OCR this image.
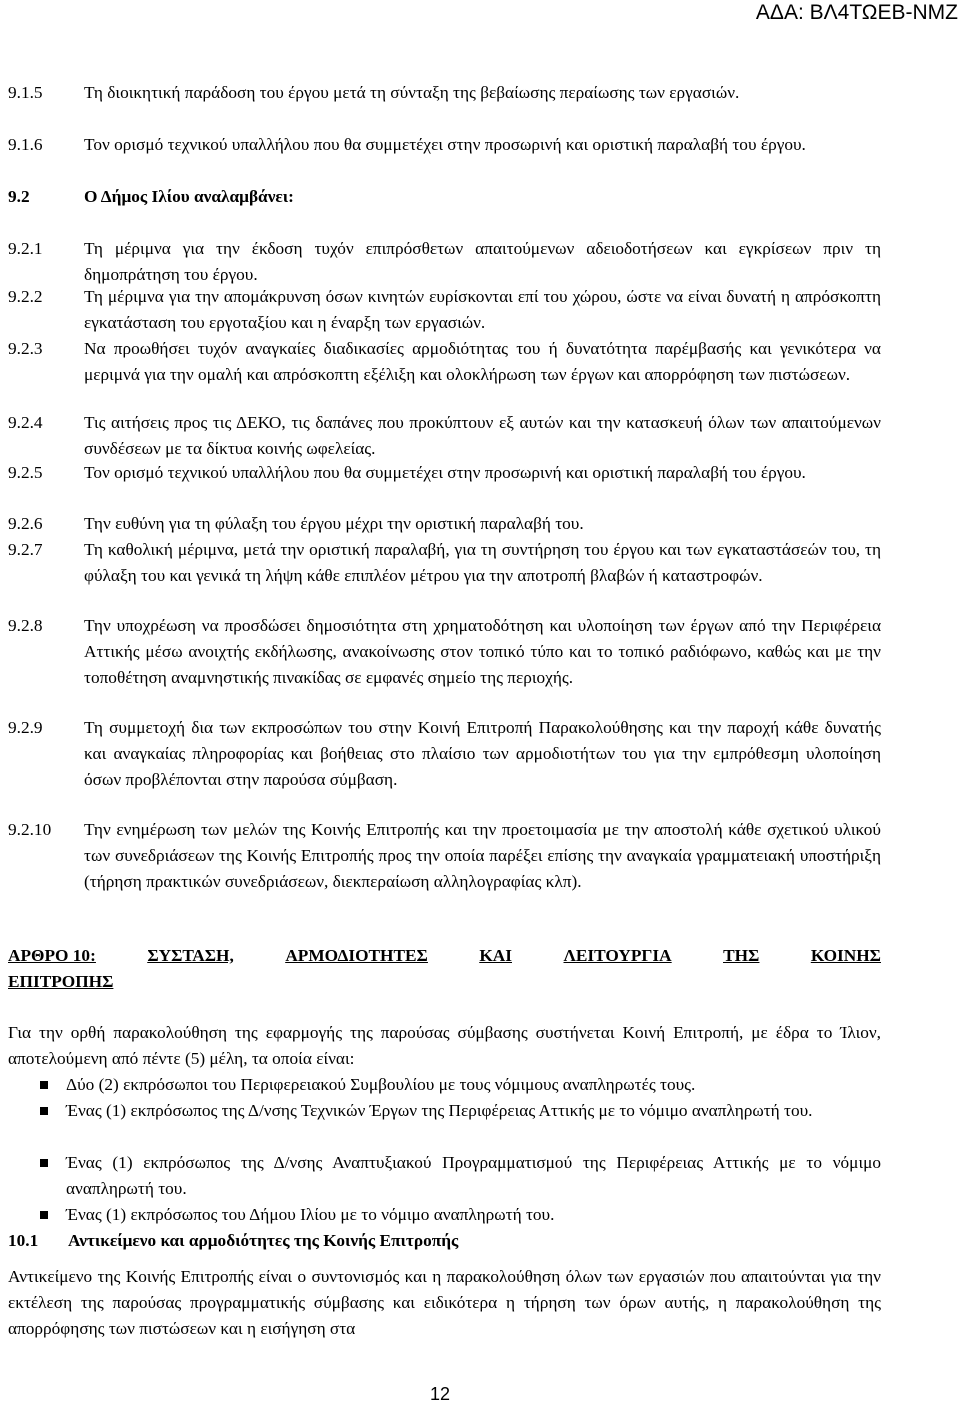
ΑΔΑ: ΒΛ4ΤΩΕΒ-ΝΜΖ
9.1.5 Τη διοικητική παράδοση του έργου μετά τη σύνταξη της βεβαίωσης περαίωσης των εργασιών.
9.1.6 Τον ορισμό τεχνικού υπαλλήλου που θα συμμετέχει στην προσωρινή και οριστική παραλαβή του έργου.
9.2	Ο Δήμος Ιλίου αναλαμβάνει:
9.2.1 Τη μέριμνα για την έκδοση τυχόν επιπρόσθετων απαιτούμενων αδειοδοτήσεων και εγκρίσεων πριν τη δημοπράτηση του έργου.
9.2.2 Τη μέριμνα για την απομάκρυνση όσων κινητών ευρίσκονται επί του χώρου, ώστε να είναι δυνατή η απρόσκοπτη εγκατάσταση του εργοταξίου και η έναρξη των εργασιών.
9.2.3 Να προωθήσει τυχόν αναγκαίες διαδικασίες αρμοδιότητας του ή δυνατότητα παρέμβασής και γενικότερα να μεριμνά για την ομαλή και απρόσκοπτη εξέλιξη και ολοκλήρωση των έργων και απορρόφηση των πιστώσεων.
9.2.4 Τις αιτήσεις προς τις ΔΕΚΟ, τις δαπάνες που προκύπτουν εξ αυτών και την κατασκευή όλων των απαιτούμενων συνδέσεων με τα δίκτυα κοινής ωφελείας.
9.2.5 Τον ορισμό τεχνικού υπαλλήλου που θα συμμετέχει στην προσωρινή και οριστική παραλαβή του έργου.
9.2.6 Την ευθύνη για τη φύλαξη του έργου μέχρι την οριστική παραλαβή του.
9.2.7 Τη καθολική μέριμνα, μετά την οριστική παραλαβή, για τη συντήρηση του έργου και των εγκαταστάσεών του, τη φύλαξη του και γενικά τη λήψη κάθε επιπλέον μέτρου για την αποτροπή βλαβών ή καταστροφών.
9.2.8 Την υποχρέωση να προσδώσει δημοσιότητα στη χρηματοδότηση και υλοποίηση των έργων από την Περιφέρεια Αττικής μέσω ανοιχτής εκδήλωσης, ανακοίνωσης στον τοπικό τύπο και το τοπικό ραδιόφωνο, καθώς και με την τοποθέτηση αναμνηστικής πινακίδας σε εμφανές σημείο της περιοχής.
9.2.9 Τη συμμετοχή δια των εκπροσώπων του στην Κοινή Επιτροπή Παρακολούθησης και την παροχή κάθε δυνατής και αναγκαίας πληροφορίας και βοήθειας στο πλαίσιο των αρμοδιοτήτων του για την εμπρόθεσμη υλοποίηση όσων προβλέπονται στην παρούσα σύμβαση.
9.2.10 Την ενημέρωση των μελών της Κοινής Επιτροπής και την προετοιμασία με την αποστολή κάθε σχετικού υλικού των συνεδριάσεων της Κοινής Επιτροπής προς την οποία παρέξει επίσης την αναγκαία γραμματειακή υποστήριξη (τήρηση πρακτικών συνεδριάσεων, διεκπεραίωση αλληλογραφίας κλπ).
ΑΡΘΡΟ 10:	ΣΥΣΤΑΣΗ,	ΑΡΜΟΔΙΟΤΗΤΕΣ	ΚΑΙ	ΛΕΙΤΟΥΡΓΙΑ	ΤΗΣ	ΚΟΙΝΗΣ
ΕΠΙΤΡΟΠΗΣ
Για την ορθή παρακολούθηση της εφαρμογής της παρούσας σύμβασης συστήνεται Κοινή Επιτροπή, με έδρα το Ίλιον, αποτελούμενη από πέντε (5) μέλη, τα οποία είναι:
Δύο (2) εκπρόσωποι του Περιφερειακού Συμβουλίου με τους νόμιμους αναπληρωτές τους.
Ένας (1) εκπρόσωπος της Δ/νσης Τεχνικών Έργων της Περιφέρειας Αττικής με το νόμιμο αναπληρωτή του.
Ένας (1) εκπρόσωπος της Δ/νσης Αναπτυξιακού Προγραμματισμού της Περιφέρειας Αττικής με το νόμιμο αναπληρωτή του.
Ένας (1) εκπρόσωπος του Δήμου Ιλίου με το νόμιμο αναπληρωτή του.
10.1 Αντικείμενο και αρμοδιότητες της Κοινής Επιτροπής
Αντικείμενο της Κοινής Επιτροπής είναι ο συντονισμός και η παρακολούθηση όλων των εργασιών που απαιτούνται για την εκτέλεση της παρούσας προγραμματικής σύμβασης και ειδικότερα η τήρηση των όρων αυτής, η παρακολούθηση της απορρόφησης των πιστώσεων και η εισήγηση στα
12
